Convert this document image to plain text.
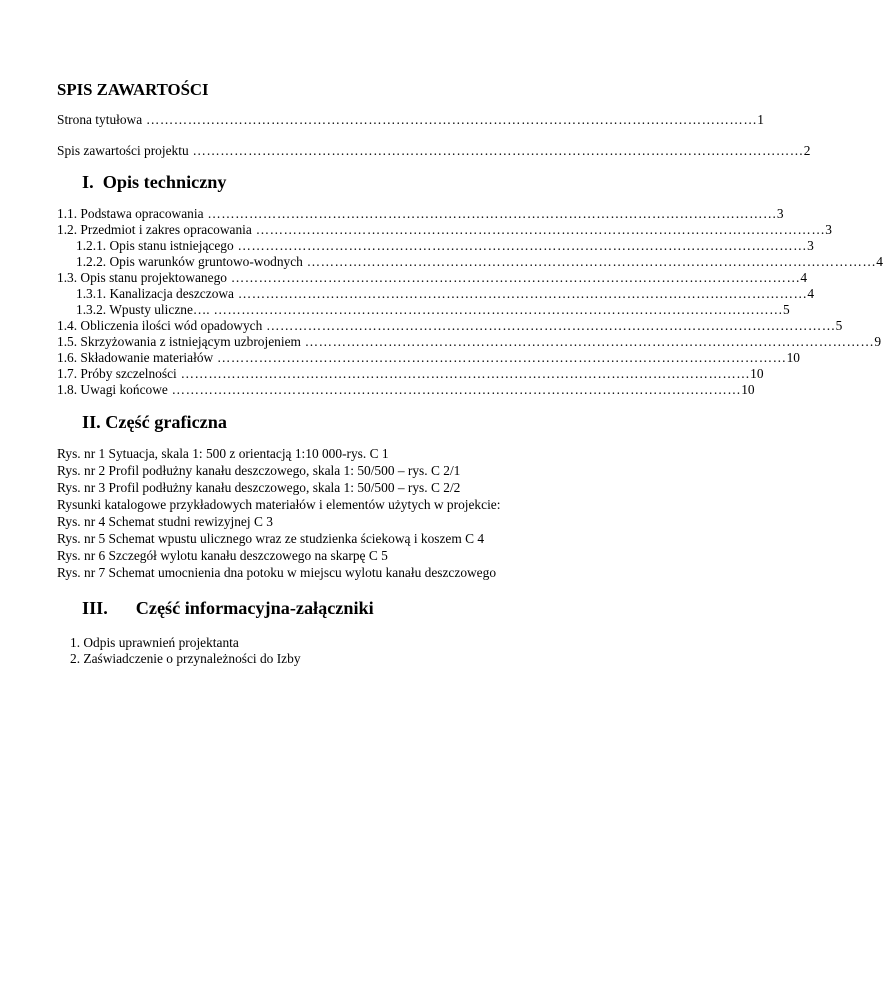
SPIS ZAWARTOŚCI
Strona tytułowa …………………………………………………………………………………………………………………… 1
Spis zawartości projektu …………………………………………………………………………………………………………………… 2
I. Opis techniczny
1.1. Podstawa opracowania …………………………………………………………………………………………………………… 3
1.2. Przedmiot i zakres opracowania …………………………………………………………………………………………………………… 3
1.2.1. Opis stanu istniejącego …………………………………………………………………………………………………………… 3
1.2.2. Opis warunków gruntowo-wodnych …………………………………………………………………………………………………………… 4
1.3. Opis stanu projektowanego …………………………………………………………………………………………………………… 4
1.3.1. Kanalizacja deszczowa …………………………………………………………………………………………………………… 4
1.3.2. Wpusty uliczne…. …………………………………………………………………………………………………………… 5
1.4. Obliczenia ilości wód opadowych …………………………………………………………………………………………………………… 5
1.5. Skrzyżowania z istniejącym uzbrojeniem …………………………………………………………………………………………………………… 9
1.6. Składowanie materiałów …………………………………………………………………………………………………………… 10
1.7. Próby szczelności …………………………………………………………………………………………………………… 10
1.8. Uwagi końcowe …………………………………………………………………………………………………………… 10
II. Część graficzna
Rys. nr 1 Sytuacja, skala 1: 500 z orientacją 1:10 000-rys. C 1
Rys. nr 2 Profil podłużny kanału deszczowego, skala 1: 50/500 – rys. C 2/1
Rys. nr 3 Profil podłużny kanału deszczowego, skala 1: 50/500 – rys. C 2/2
Rysunki katalogowe przykładowych materiałów i elementów użytych w projekcie:
Rys. nr 4 Schemat studni rewizyjnej C 3
Rys. nr 5 Schemat wpustu ulicznego wraz ze studzienka ściekową i koszem C 4
Rys. nr 6 Szczegół wylotu kanału deszczowego na skarpę C 5
Rys. nr 7 Schemat umocnienia dna potoku w miejscu wylotu kanału deszczowego
III. Część informacyjna-załączniki
1. Odpis uprawnień projektanta
2. Zaświadczenie o przynależności do Izby
